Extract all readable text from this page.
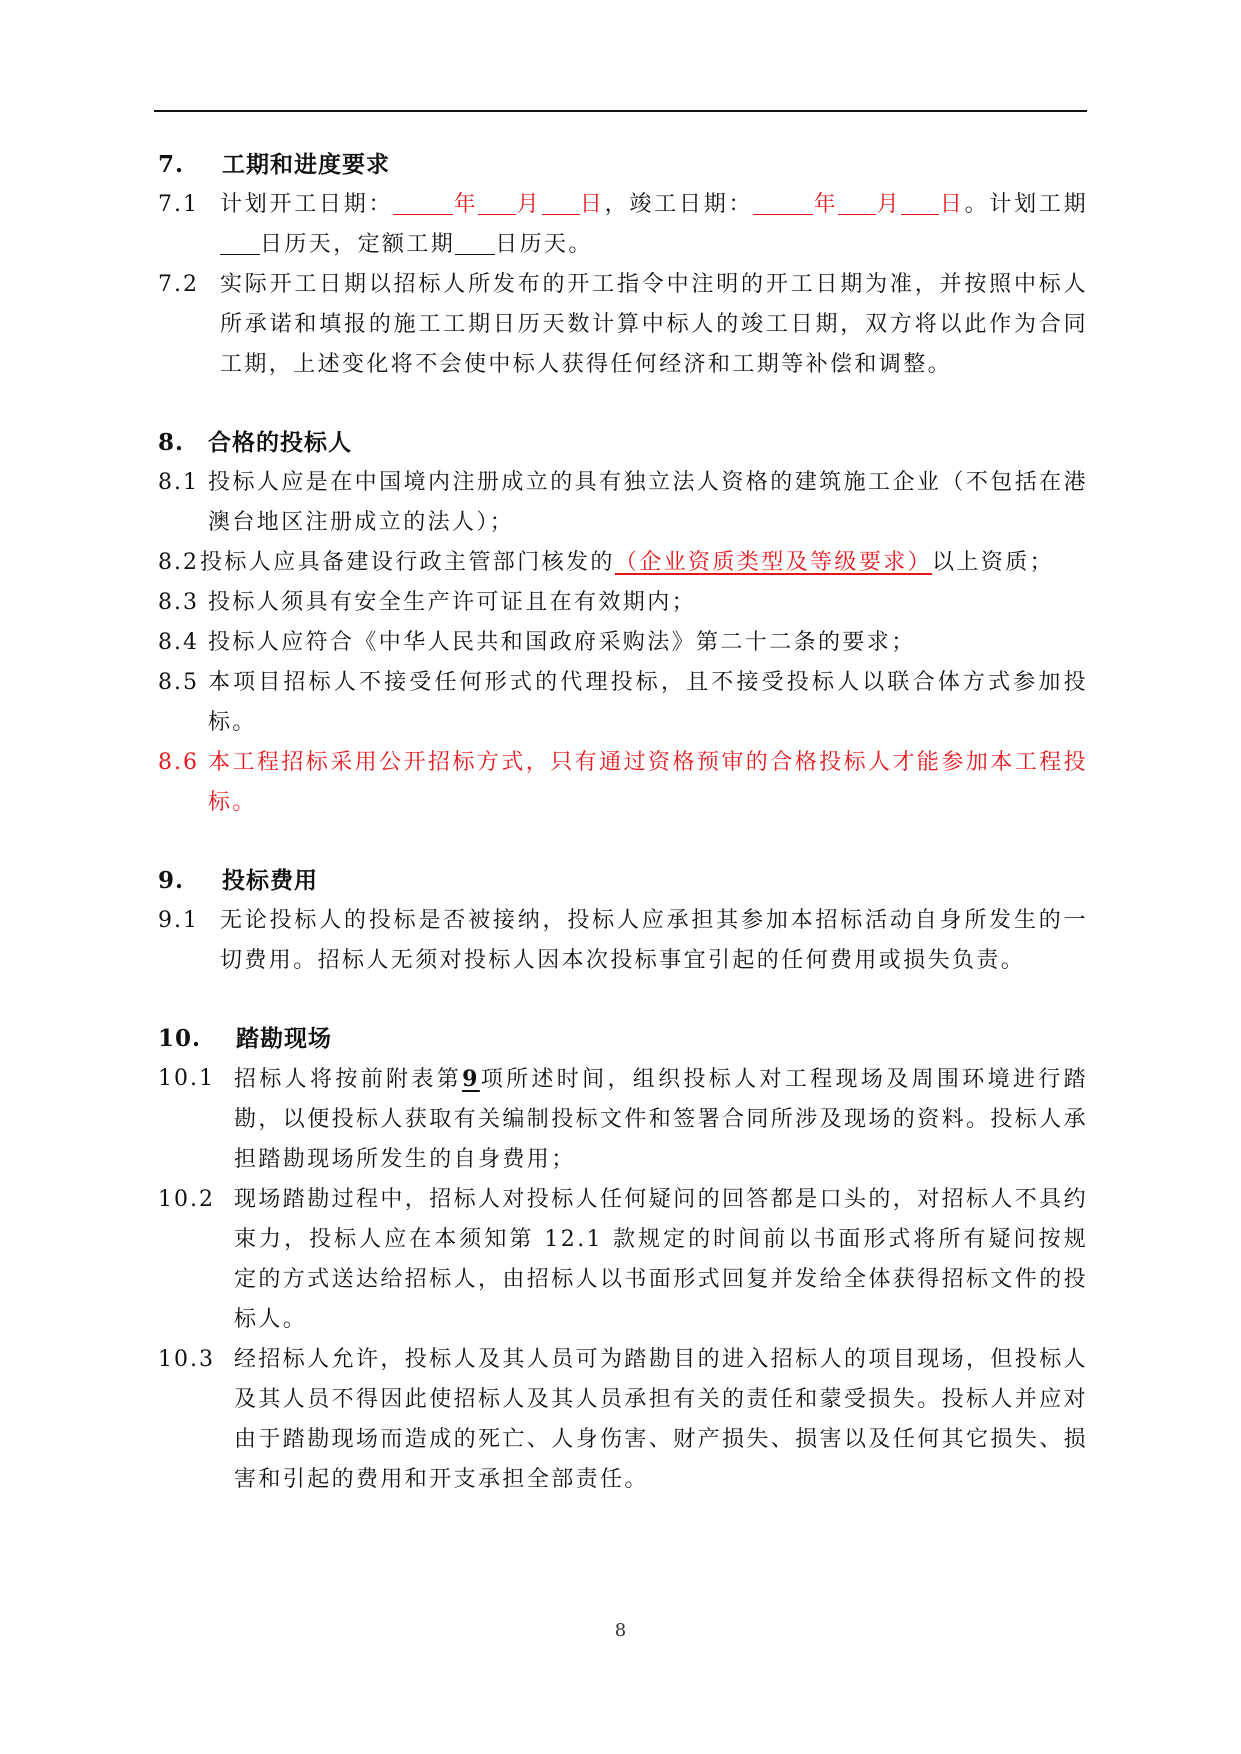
7.	工期和进度要求
7.1 计划开工日期：	年 月 日，竣工日期：	年 月 日。计划工期日历天，定额工期 日历天。
7.2 实际开工日期以招标人所发布的开工指令中注明的开工日期为准，并按照中标人所承诺和填报的施工工期日历天数计算中标人的竣工日期，双方将以此作为合同工期，上述变化将不会使中标人获得任何经济和工期等补偿和调整。
8.	合格的投标人
8.1 投标人应是在中国境内注册成立的具有独立法人资格的建筑施工企业（不包括在港澳台地区注册成立的法人）；
8.2 投标人应具备建设行政主管部门核发的（企业资质类型及等级要求）以上资质；
8.3 投标人须具有安全生产许可证且在有效期内；
8.4 投标人应符合《中华人民共和国政府采购法》第二十二条的要求；
8.5 本项目招标人不接受任何形式的代理投标，且不接受投标人以联合体方式参加投标。
8.6 本工程招标采用公开招标方式，只有通过资格预审的合格投标人才能参加本工程投标。
9.	投标费用
9.1 无论投标人的投标是否被接纳，投标人应承担其参加本招标活动自身所发生的一切费用。招标人无须对投标人因本次投标事宜引起的任何费用或损失负责。
10.	踏勘现场
10.1 招标人将按前附表第9项所述时间，组织投标人对工程现场及周围环境进行踏勘，以便投标人获取有关编制投标文件和签署合同所涉及现场的资料。投标人承担踏勘现场所发生的自身费用；
10.2 现场踏勘过程中，招标人对投标人任何疑问的回答都是口头的，对招标人不具约束力，投标人应在本须知第 12.1 款规定的时间前以书面形式将所有疑问按规定的方式送达给招标人，由招标人以书面形式回复并发给全体获得招标文件的投标人。
10.3 经招标人允许，投标人及其人员可为踏勘目的进入招标人的项目现场，但投标人及其人员不得因此使招标人及其人员承担有关的责任和蒙受损失。投标人并应对由于踏勘现场而造成的死亡、人身伤害、财产损失、损害以及任何其它损失、损害和引起的费用和开支承担全部责任。
8
